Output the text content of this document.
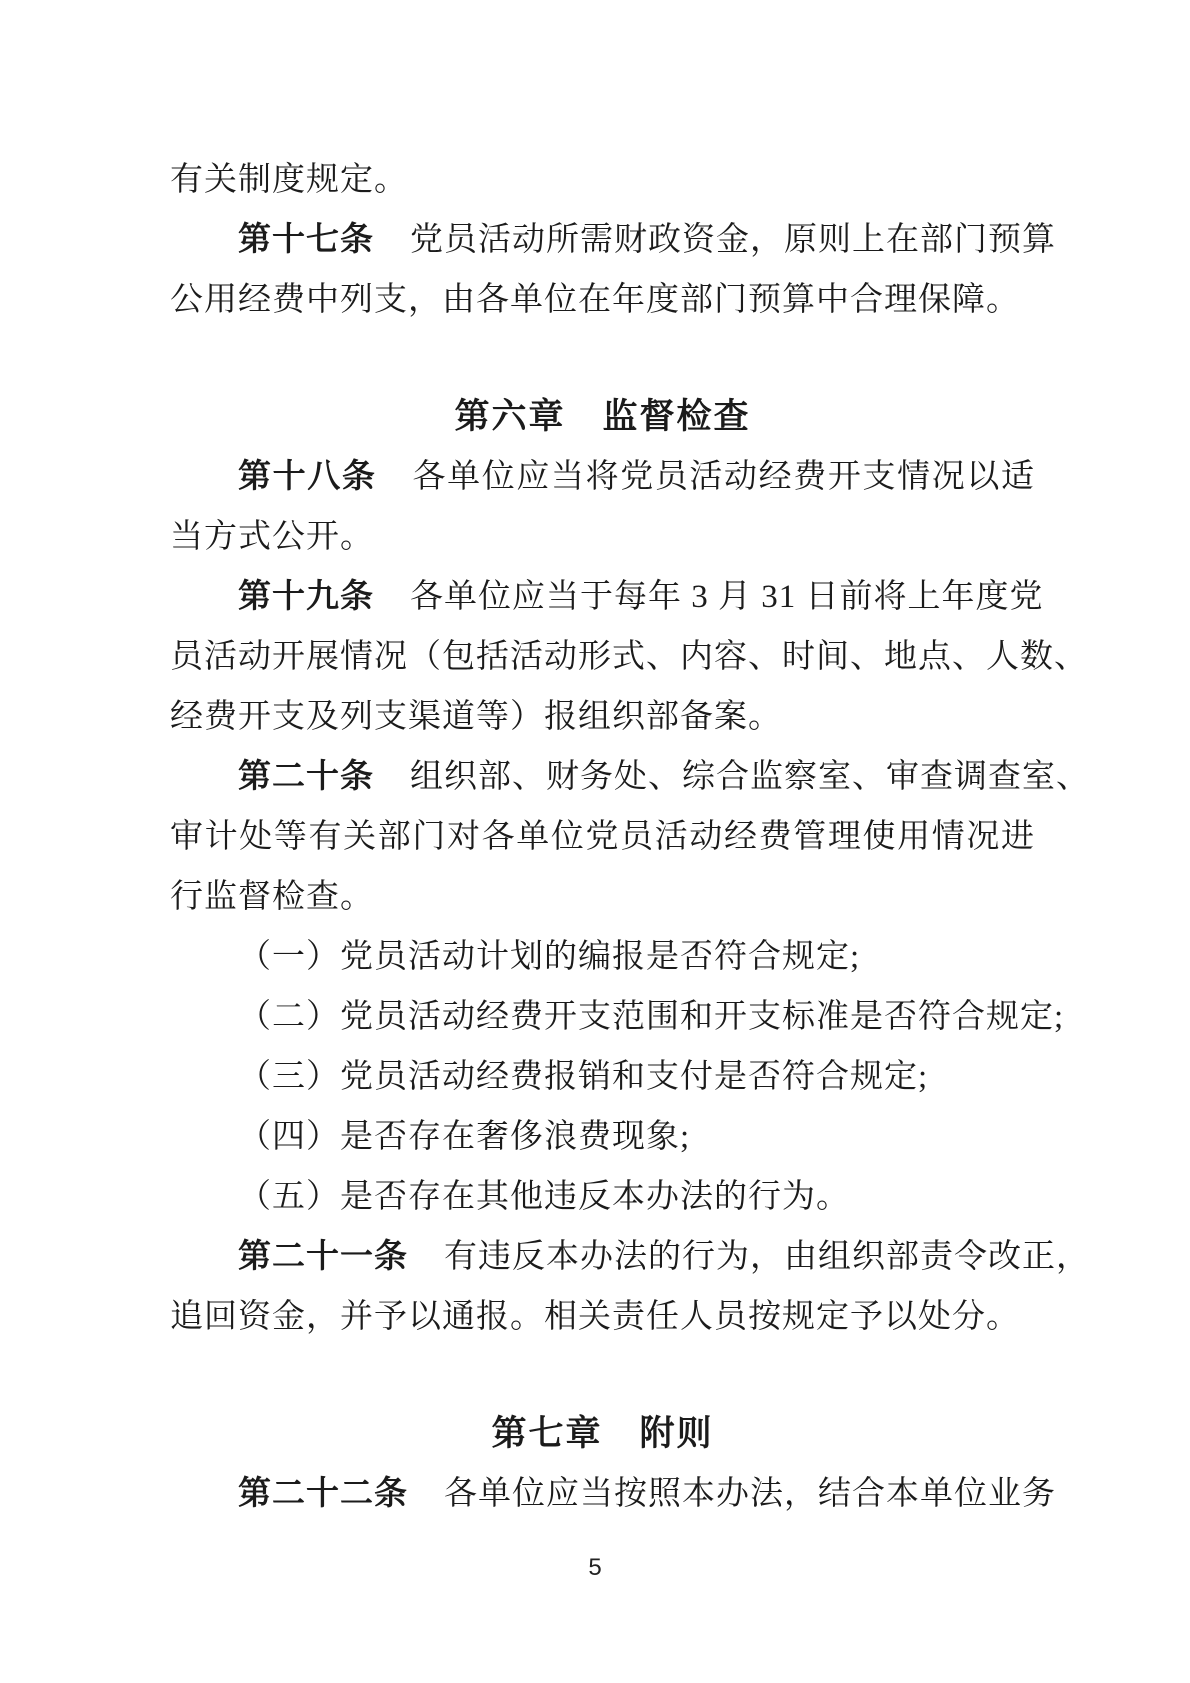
有关制度规定。
第十七条 党员活动所需财政资金，原则上在部门预算
公用经费中列支，由各单位在年度部门预算中合理保障。
第六章　监督检查
第十八条 各单位应当将党员活动经费开支情况以适
当方式公开。
第十九条 各单位应当于每年 3 月 31 日前将上年度党
员活动开展情况（包括活动形式、内容、时间、地点、人数、
经费开支及列支渠道等）报组织部备案。
第二十条 组织部、财务处、综合监察室、审查调查室、
审计处等有关部门对各单位党员活动经费管理使用情况进
行监督检查。
（一）党员活动计划的编报是否符合规定;
（二）党员活动经费开支范围和开支标准是否符合规定;
（三）党员活动经费报销和支付是否符合规定;
（四）是否存在奢侈浪费现象;
（五）是否存在其他违反本办法的行为。
第二十一条 有违反本办法的行为，由组织部责令改正，
追回资金，并予以通报。相关责任人员按规定予以处分。
第七章　附则
第二十二条 各单位应当按照本办法，结合本单位业务
5
